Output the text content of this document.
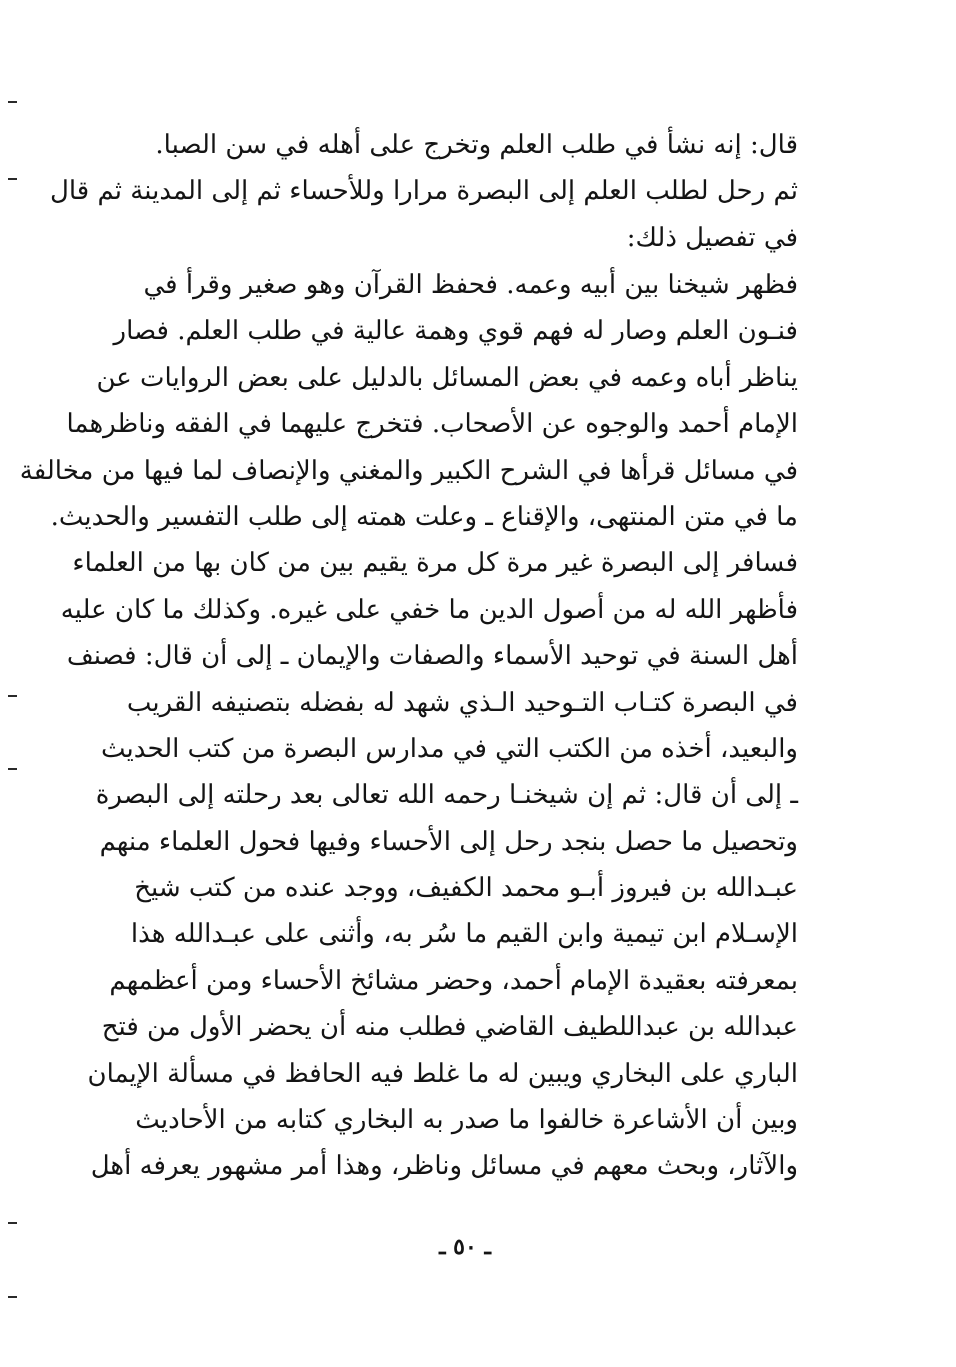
قال: إنه نشأ في طلب العلم وتخرج على أهله في سن الصبا.
ثم رحل لطلب العلم إلى البصرة مرارا وللأحساء ثم إلى المدينة ثم قال
في تفصيل ذلك:
فظهر شيخنا بين أبيه وعمه. فحفظ القرآن وهو صغير وقرأ في
فنـون العلم وصار له فهم قوي وهمة عالية في طلب العلم. فصار
يناظر أباه وعمه في بعض المسائل بالدليل على بعض الروايات عن
الإمام أحمد والوجوه عن الأصحاب. فتخرج عليهما في الفقه وناظرهما
في مسائل قرأها في الشرح الكبير والمغني والإنصاف لما فيها من مخالفة
ما في متن المنتهى، والإقناع ـ وعلت همته إلى طلب التفسير والحديث.
فسافر إلى البصرة غير مرة كل مرة يقيم بين من كان بها من العلماء
فأظهر الله له من أصول الدين ما خفي على غيره. وكذلك ما كان عليه
أهل السنة في توحيد الأسماء والصفات والإيمان ـ إلى أن قال: فصنف
في البصرة كتـاب التـوحيد الـذي شهد له بفضله بتصنيفه القريب
والبعيد، أخذه من الكتب التي في مدارس البصرة من كتب الحديث
ـ إلى أن قال: ثم إن شيخنـا رحمه الله تعالى بعد رحلته إلى البصرة
وتحصيل ما حصل بنجد رحل إلى الأحساء وفيها فحول العلماء منهم
عبـدالله بن فيروز أبـو محمد الكفيف، ووجد عنده من كتب شيخ
الإسـلام ابن تيمية وابن القيم ما سُر به، وأثنى على عبـدالله هذا
بمعرفته بعقيدة الإمام أحمد، وحضر مشائخ الأحساء ومن أعظمهم
عبدالله بن عبداللطيف القاضي فطلب منه أن يحضر الأول من فتح
الباري على البخاري ويبين له ما غلط فيه الحافظ في مسألة الإيمان
وبين أن الأشاعرة خالفوا ما صدر به البخاري كتابه من الأحاديث
والآثار، وبحث معهم في مسائل وناظر، وهذا أمر مشهور يعرفه أهل
ـ ٥٠ ـ
